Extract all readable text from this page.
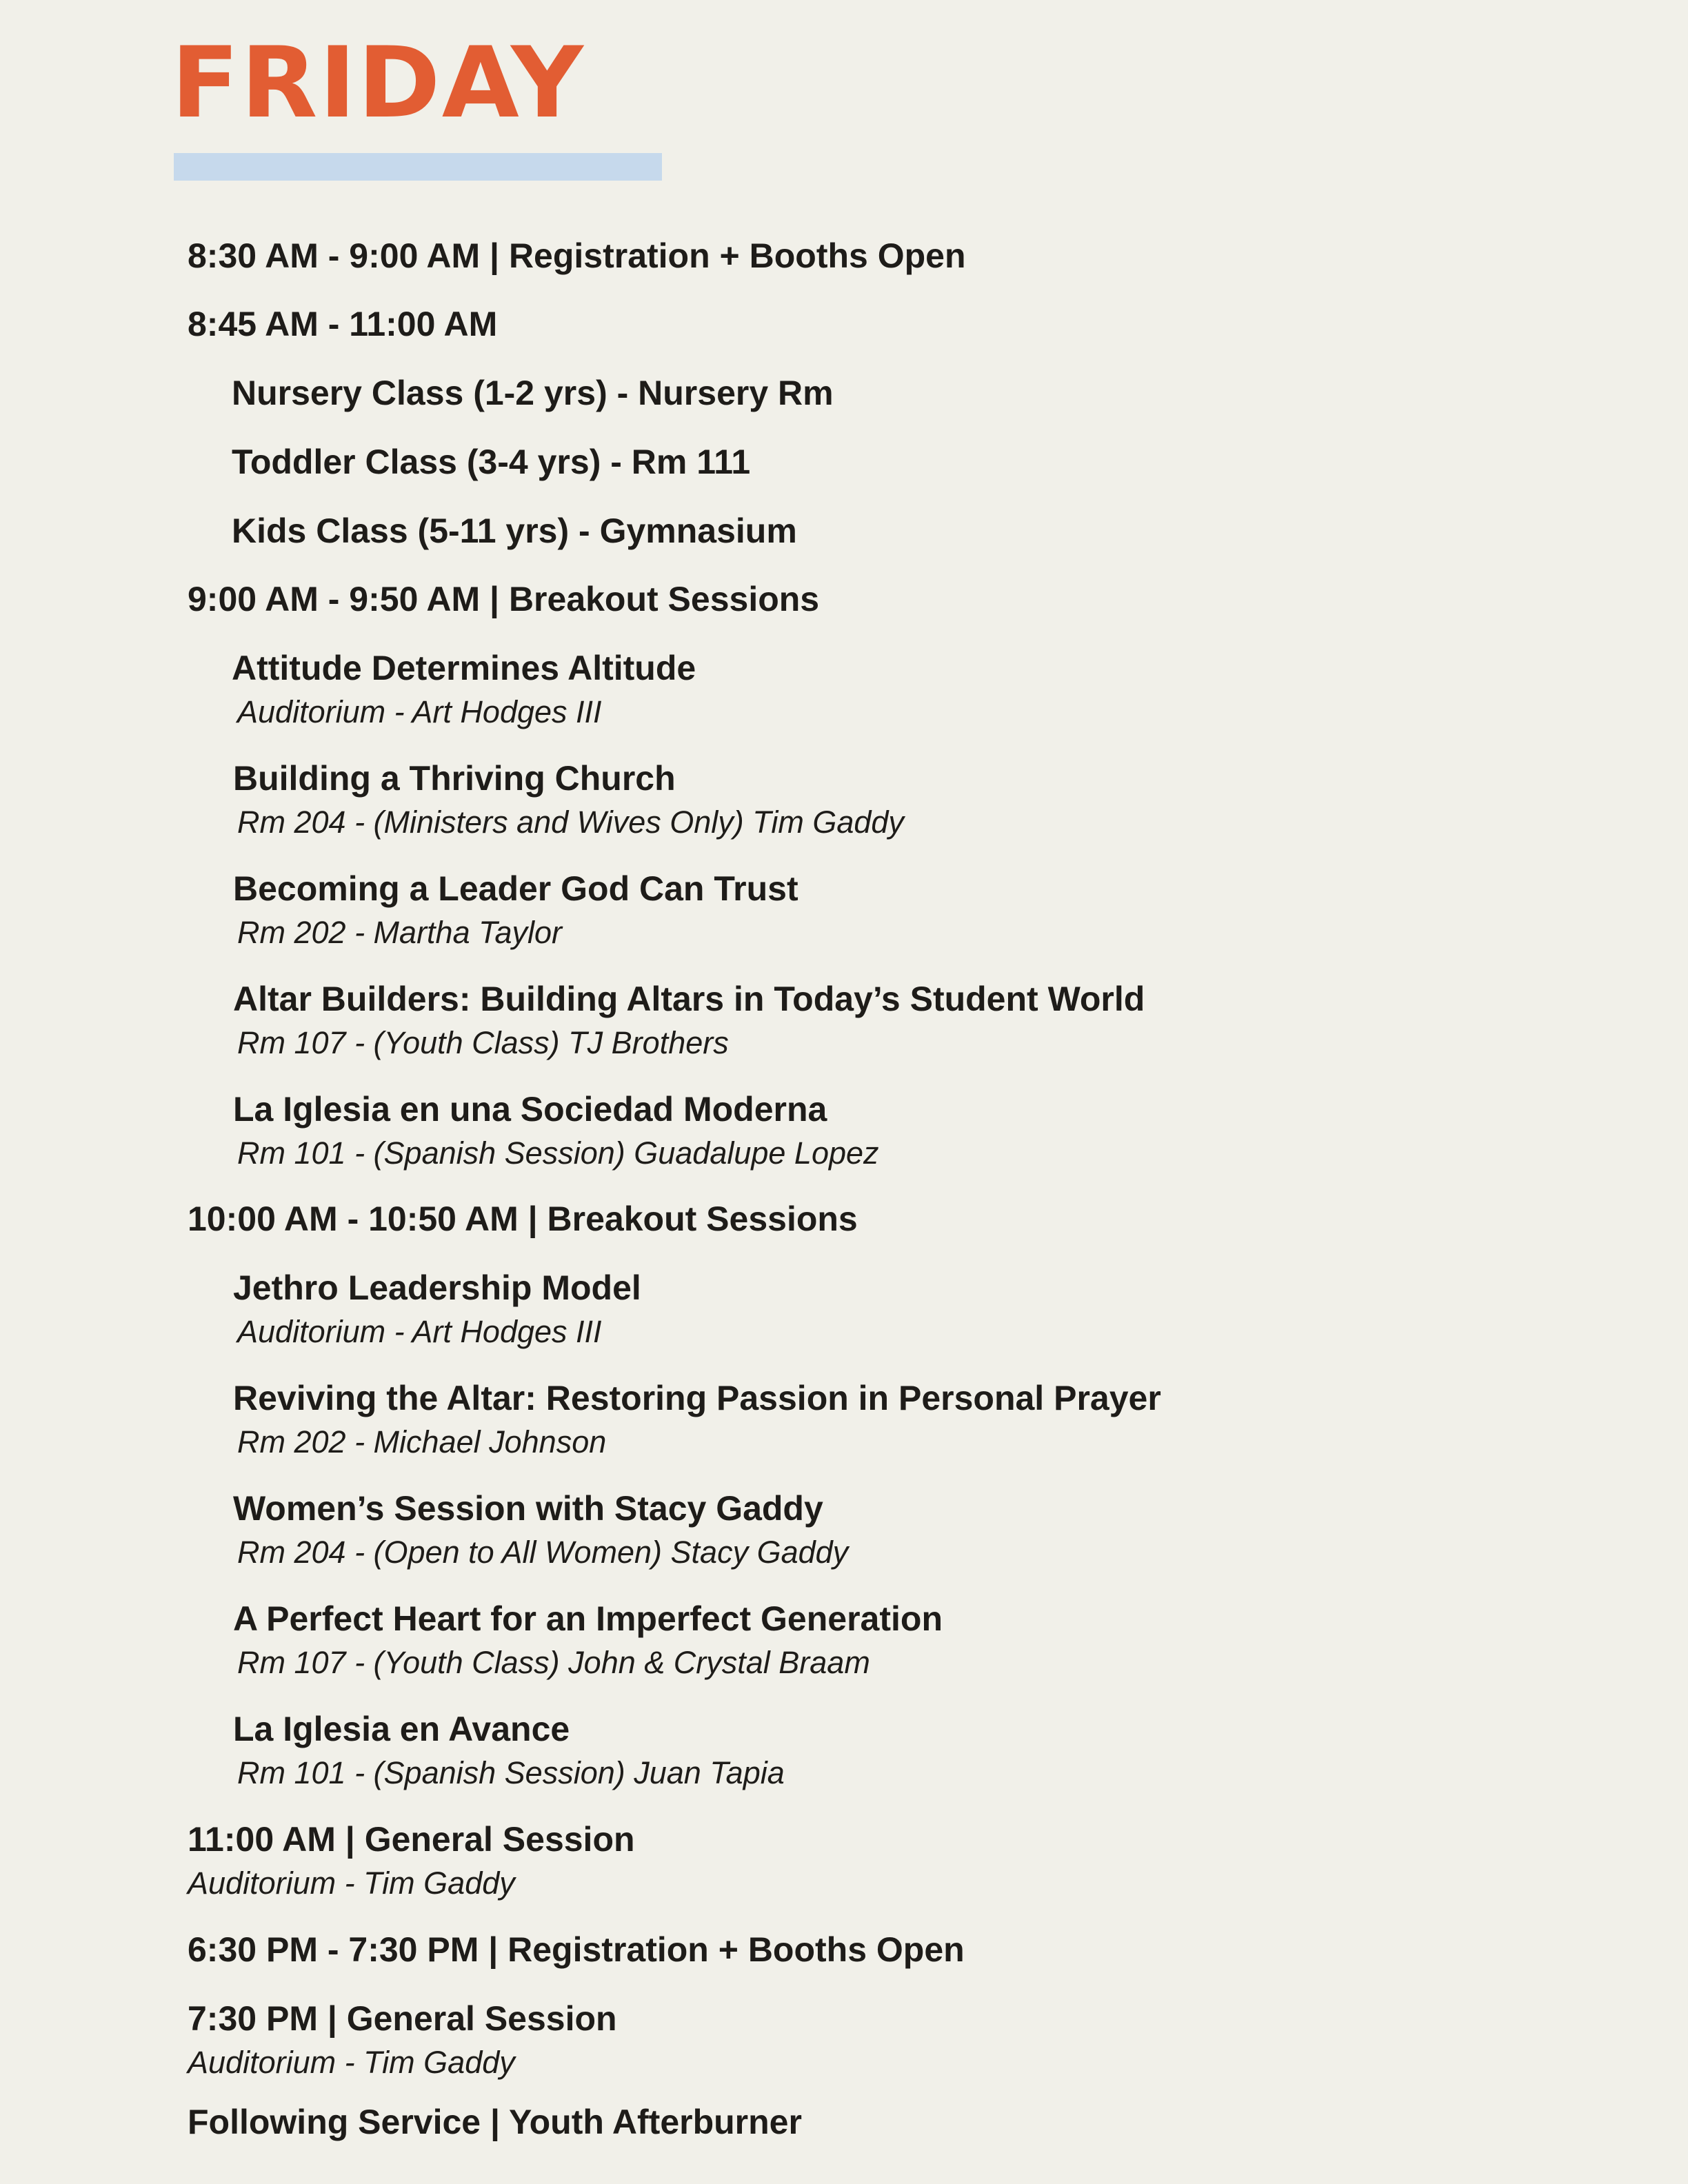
FRIDAY
8:30 AM - 9:00 AM | Registration + Booths Open
8:45 AM - 11:00 AM
Nursery Class (1-2 yrs) - Nursery Rm
Toddler Class (3-4 yrs) - Rm 111
Kids Class (5-11 yrs) - Gymnasium
9:00 AM - 9:50 AM | Breakout Sessions
Attitude Determines Altitude
Auditorium - Art Hodges III
Building a Thriving Church
Rm 204 - (Ministers and Wives Only) Tim Gaddy
Becoming a Leader God Can Trust
Rm 202 - Martha Taylor
Altar Builders: Building Altars in Today’s Student World
Rm 107 - (Youth Class) TJ Brothers
La Iglesia en una Sociedad Moderna
Rm 101 - (Spanish Session) Guadalupe Lopez
10:00 AM - 10:50 AM | Breakout Sessions
Jethro Leadership Model
Auditorium - Art Hodges III
Reviving the Altar: Restoring Passion in Personal Prayer
Rm 202 - Michael Johnson
Women’s Session with Stacy Gaddy
Rm 204 - (Open to All Women) Stacy Gaddy
A Perfect Heart for an Imperfect Generation
Rm 107 - (Youth Class) John & Crystal Braam
La Iglesia en Avance
Rm 101 - (Spanish Session) Juan Tapia
11:00 AM | General Session
Auditorium - Tim Gaddy
6:30 PM - 7:30 PM | Registration + Booths Open
7:30 PM | General Session
Auditorium - Tim Gaddy
Following Service | Youth Afterburner
